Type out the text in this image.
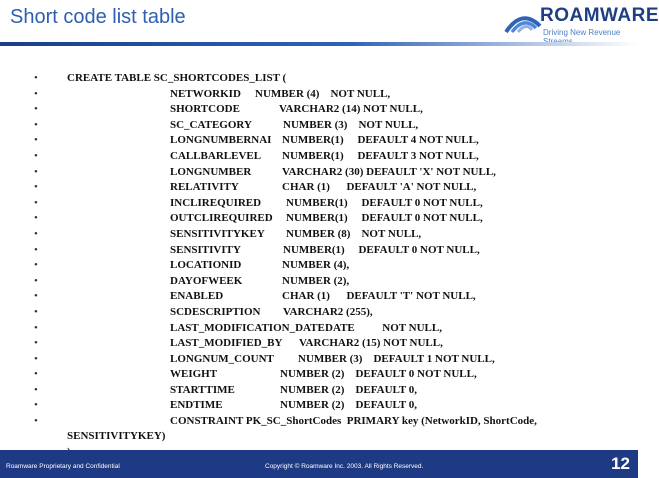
Short code list table	ROAMWARE
Driving New Revenue

•

	CREATE TABLE SC_SHORTCODES_LIST (

•	NETWORKID NUMBER (4)    NOT NULL,
•	SHORTCODE	VARCHAR2 (14) NOT NULL,
•	SC_CATEGORY	NUMBER (3)    NOT NULL,
•	LONGNUMBERNAI NUMBER(1)     DEFAULT 4 NOT NULL,
•	CALLBARLEVEL NUMBER(1)     DEFAULT 3 NOT NULL,
•	LONGNUMBER	VARCHAR2 (30) DEFAULT 'X' NOT NULL,
•	RELATIVITY	CHAR (1)      DEFAULT 'A' NOT NULL,
•	INCLIREQUIRED NUMBER(1)     DEFAULT 0 NOT NULL,
•	OUTCLIREQUIRED NUMBER(1)     DEFAULT 0 NOT NULL,
•	SENSITIVITYKEY NUMBER (8)    NOT NULL,
•	SENSITIVITY	NUMBER(1)     DEFAULT 0 NOT NULL,
•	LOCATIONID	NUMBER (4),
•	DAYOFWEEK	NUMBER (2),
•	ENABLED	CHAR (1)      DEFAULT 'T' NOT NULL,
•	SCDESCRIPTION VARCHAR2 (255),
•	LAST_MODIFICATION_DATE DATE          NOT NULL,
•	LAST_MODIFIED_BY VARCHAR2 (15) NOT NULL,
•	LONGNUM_COUNT NUMBER (3)    DEFAULT 1 NOT NULL,
•	WEIGHT	NUMBER (2)    DEFAULT 0 NOT NULL,
•	STARTTIME	NUMBER (2)    DEFAULT 0,
•	ENDTIME	NUMBER (2)    DEFAULT 0,
•	CONSTRAINT PK_SC_ShortCodes  PRIMARY key (NetworkID, ShortCode,
SENSITIVITYKEY)
Roamware Proprietary and Confidential	Copyright © Roamware Inc. 2003. All Rights Reserved.	12
